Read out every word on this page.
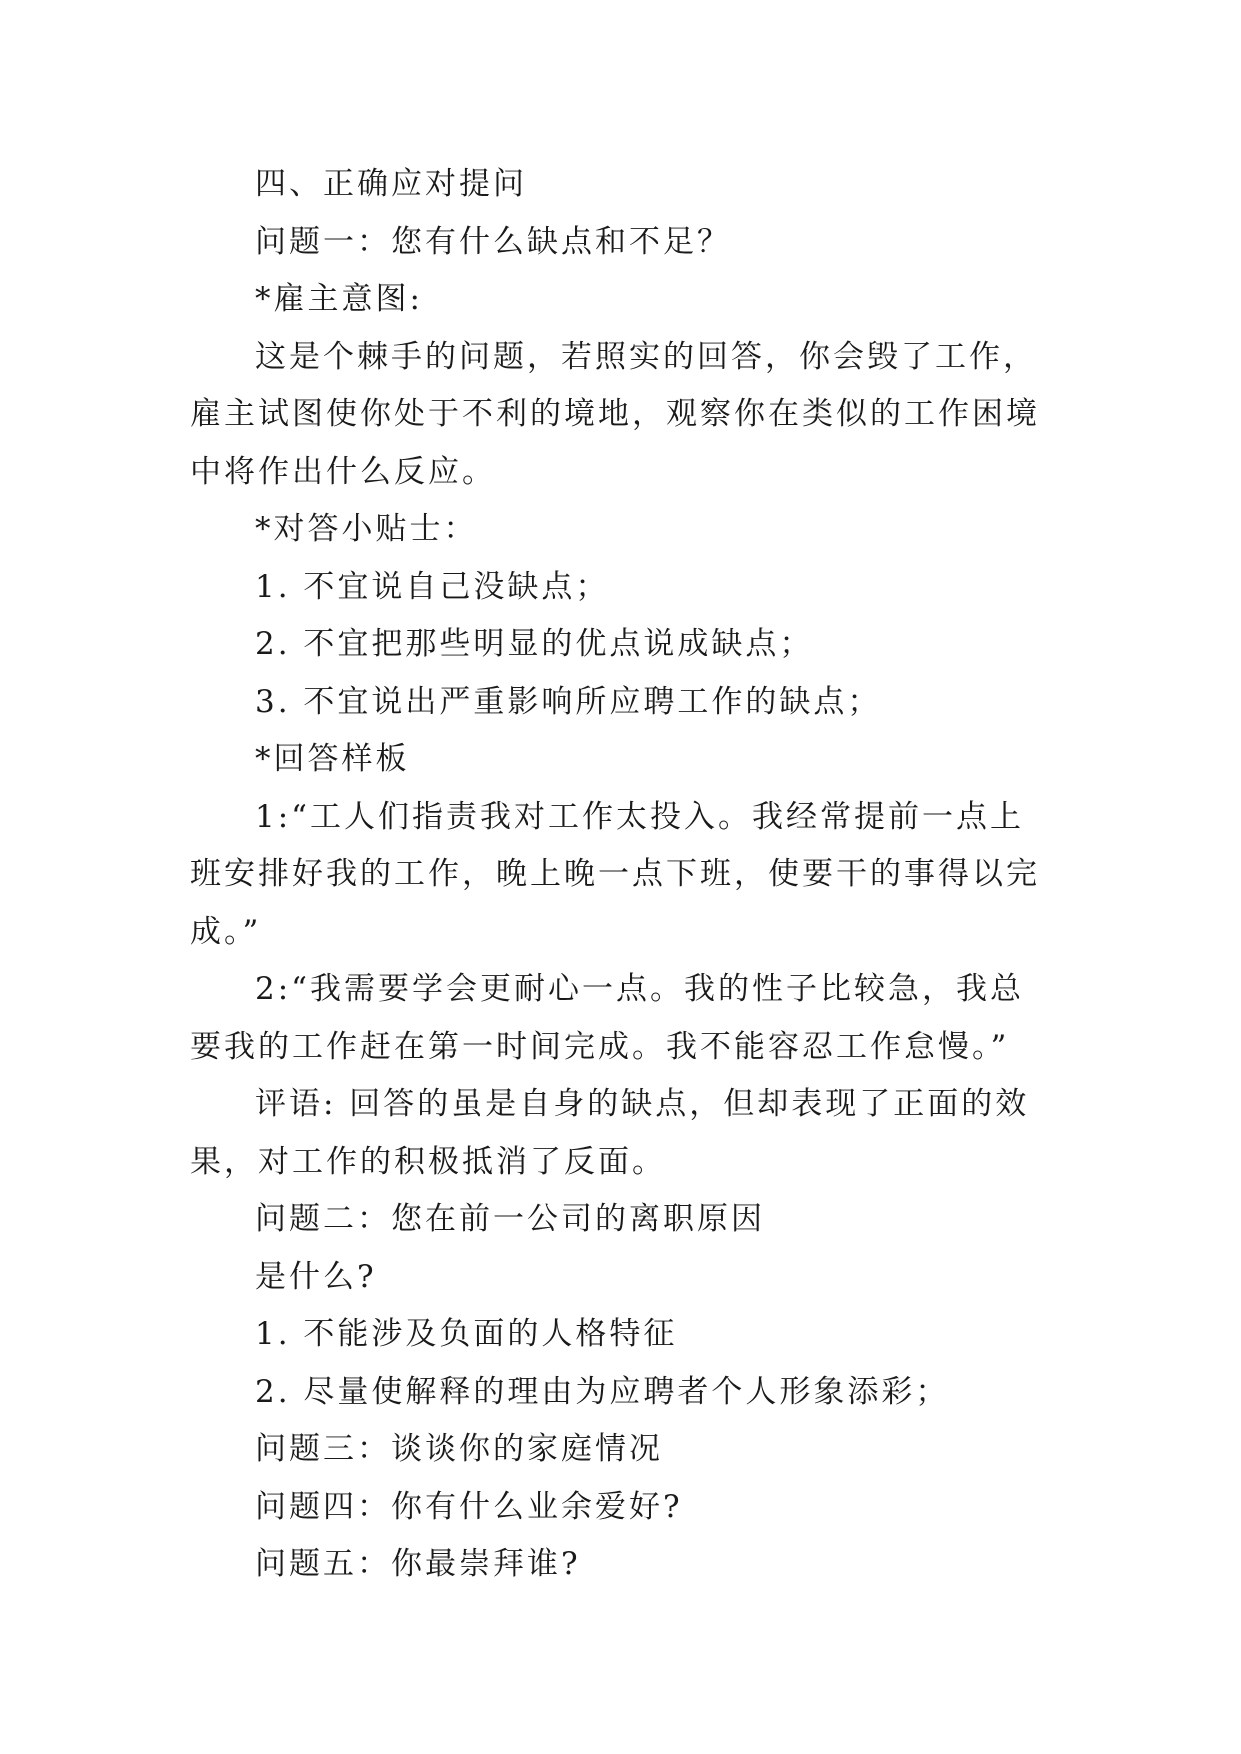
四、正确应对提问

问题一：您有什么缺点和不足？

*雇主意图:

这是个棘手的问题，若照实的回答，你会毁了工作，雇主试图使你处于不利的境地，观察你在类似的工作困境中将作出什么反应。

*对答小贴士：

1. 不宜说自己没缺点；

2. 不宜把那些明显的优点说成缺点；

3. 不宜说出严重影响所应聘工作的缺点；

*回答样板

1:“工人们指责我对工作太投入。我经常提前一点上班安排好我的工作，晚上晚一点下班，使要干的事得以完成。”

2:“我需要学会更耐心一点。我的性子比较急，我总要我的工作赶在第一时间完成。我不能容忍工作怠慢。”

评语: 回答的虽是自身的缺点，但却表现了正面的效果，对工作的积极抵消了反面。

问题二：您在前一公司的离职原因

是什么?

1. 不能涉及负面的人格特征

2. 尽量使解释的理由为应聘者个人形象添彩；

问题三：谈谈你的家庭情况

问题四：你有什么业余爱好?

问题五：你最崇拜谁?
